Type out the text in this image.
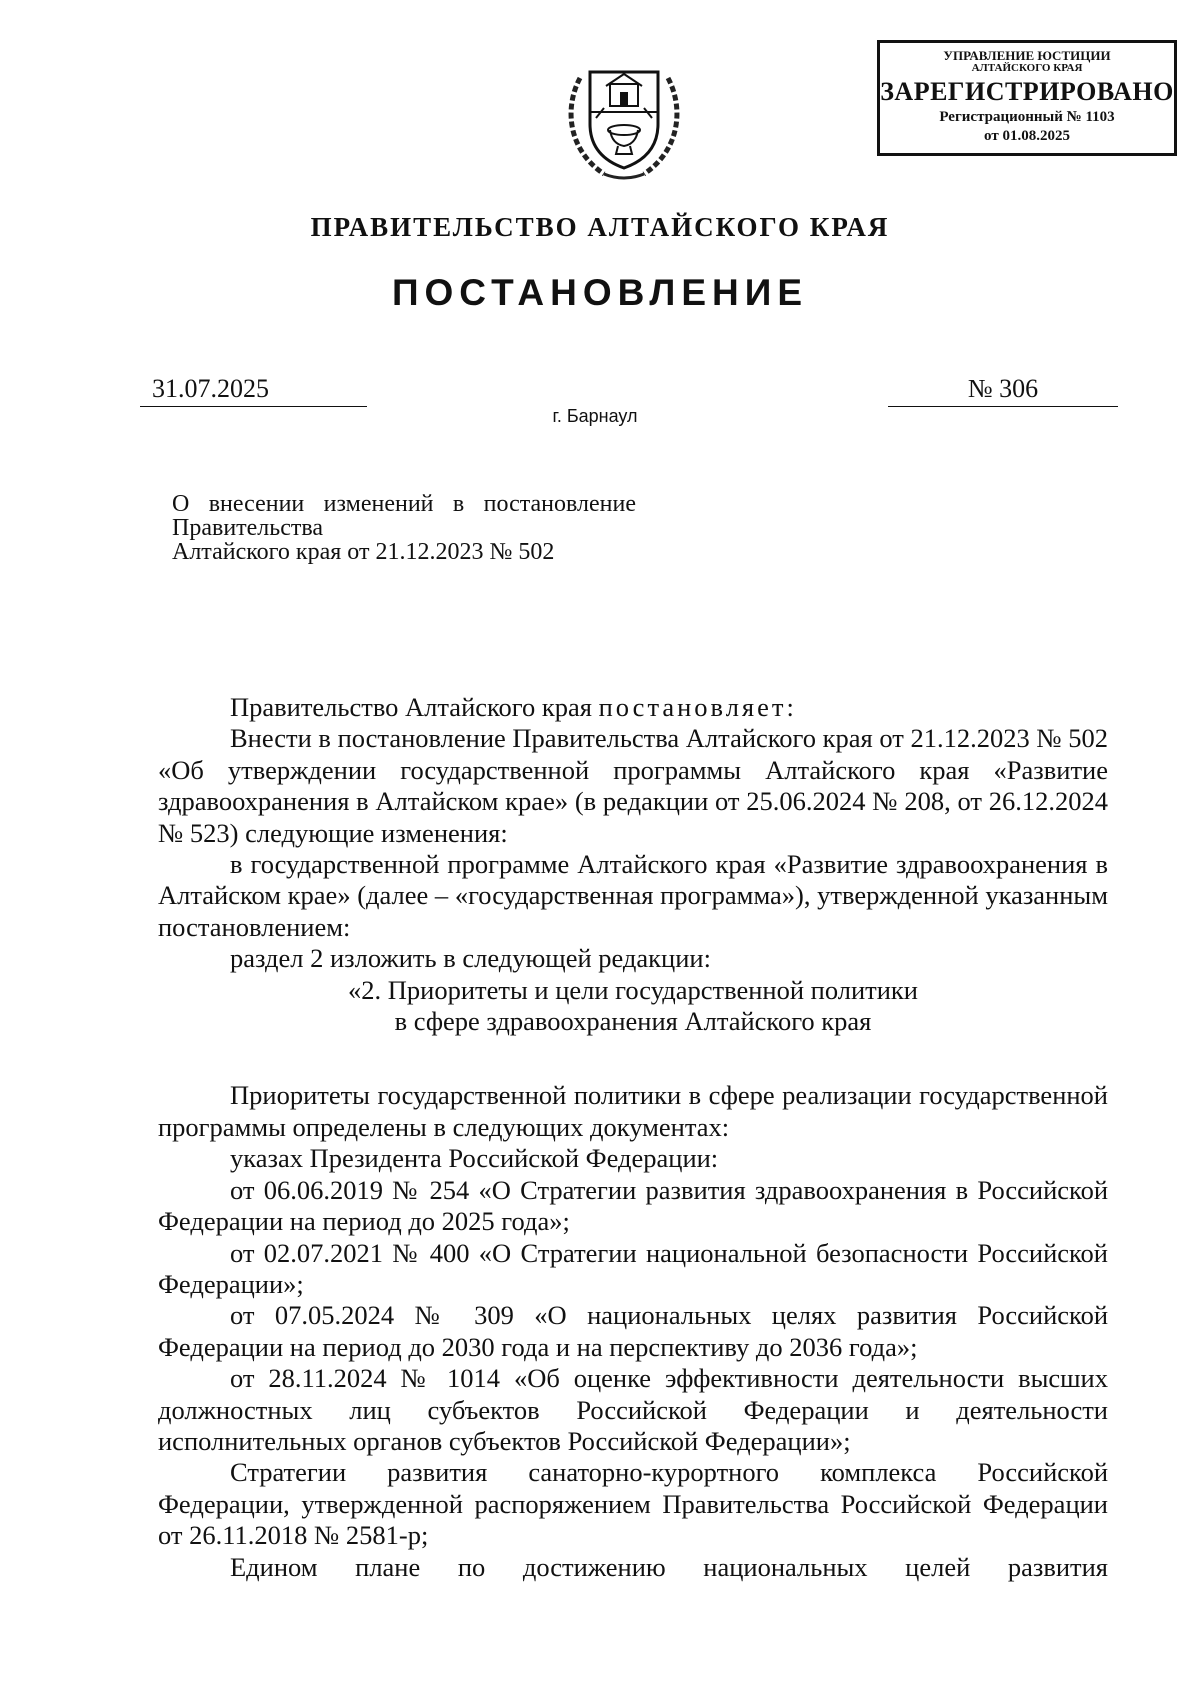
УПРАВЛЕНИЕ ЮСТИЦИИ
АЛТАЙСКОГО КРАЯ
ЗАРЕГИСТРИРОВАНО
Регистрационный № 1103
от 01.08.2025
ПРАВИТЕЛЬСТВО АЛТАЙСКОГО КРАЯ
ПОСТАНОВЛЕНИЕ
31.07.2025	№ 306
г. Барнаул
О внесении изменений в постановление Правительства
Алтайского края от 21.12.2023 № 502

Правительство Алтайского края постановляет:

Внести в постановление Правительства Алтайского края от 21.12.2023 № 502 «Об утверждении государственной программы Алтайского края «Развитие здравоохранения в Алтайском крае» (в редакции от 25.06.2024 № 208, от 26.12.2024 № 523) следующие изменения:

в государственной программе Алтайского края «Развитие здравоохранения в Алтайском крае» (далее – «государственная программа»), утвержденной указанным постановлением:

раздел 2 изложить в следующей редакции:

«2. Приоритеты и цели государственной политики

в сфере здравоохранения Алтайского края

Приоритеты государственной политики в сфере реализации государственной программы определены в следующих документах:

указах Президента Российской Федерации:

от 06.06.2019 № 254 «О Стратегии развития здравоохранения в Российской Федерации на период до 2025 года»;

от 02.07.2021 № 400 «О Стратегии национальной безопасности Российской Федерации»;

от 07.05.2024 № 309 «О национальных целях развития Российской Федерации на период до 2030 года и на перспективу до 2036 года»;

от 28.11.2024 № 1014 «Об оценке эффективности деятельности высших должностных лиц субъектов Российской Федерации и деятельности исполнительных органов субъектов Российской Федерации»;

Стратегии развития санаторно-курортного комплекса Российской Федерации, утвержденной распоряжением Правительства Российской Федерации от 26.11.2018 № 2581-р;

Едином плане по достижению национальных целей развития
